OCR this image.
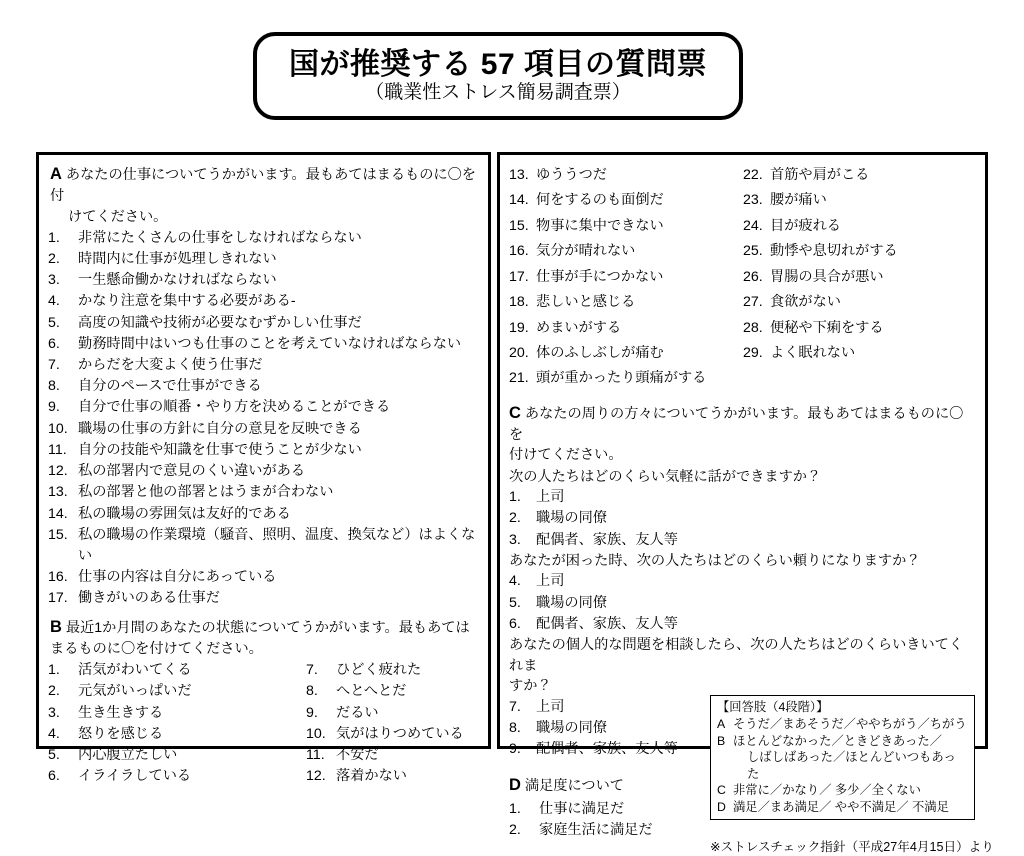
国が推奨する 57 項目の質問票
（職業性ストレス簡易調査票）
A あなたの仕事についてうかがいます。最もあてはまるものに〇を付
けてください。
1.	非常にたくさんの仕事をしなければならない
2.	時間内に仕事が処理しきれない
3.	一生懸命働かなければならない
4.	かなり注意を集中する必要がある-
5.	高度の知識や技術が必要なむずかしい仕事だ
6.	勤務時間中はいつも仕事のことを考えていなければならない
7.	からだを大変よく使う仕事だ
8.	自分のペースで仕事ができる
9.	自分で仕事の順番・やり方を決めることができる
10. 職場の仕事の方針に自分の意見を反映できる
11. 自分の技能や知識を仕事で使うことが少ない
12. 私の部署内で意見のくい違いがある
13. 私の部署と他の部署とはうまが合わない
14. 私の職場の雰囲気は友好的である
15. 私の職場の作業環境（騒音、照明、温度、換気など）はよくない
16. 仕事の内容は自分にあっている
17. 働きがいのある仕事だ
B 最近1か月間のあなたの状態についてうかがいます。最もあては
まるものに〇を付けてください。
1.	活気がわいてくる
2.	元気がいっぱいだ
3.	生き生きする
4.	怒りを感じる
5.	内心腹立たしい
6.	イライラしている
7.	ひどく疲れた
8.	へとへとだ
9.	だるい
10. 気がはりつめている
11. 不安だ
12. 落着かない
13. ゆううつだ
14. 何をするのも面倒だ
15. 物事に集中できない
16. 気分が晴れない
17. 仕事が手につかない
18. 悲しいと感じる
19. めまいがする
20. 体のふしぶしが痛む
21. 頭が重かったり頭痛がする
22. 首筋や肩がこる
23. 腰が痛い
24. 目が疲れる
25. 動悸や息切れがする
26. 胃腸の具合が悪い
27. 食欲がない
28. 便秘や下痢をする
29. よく眠れない
C あなたの周りの方々についてうかがいます。最もあてはまるものに〇を
付けてください。

次の人たちはどのくらい気軽に話ができますか？

1.	上司
2.	職場の同僚
3.	配偶者、家族、友人等

あなたが困った時、次の人たちはどのくらい頼りになりますか？

4.	上司
5.	職場の同僚
6.	配偶者、家族、友人等

あなたの個人的な問題を相談したら、次の人たちはどのくらいきいてくれま

すか？

7.	上司
8.	職場の同僚
9.	配偶者、家族、友人等
D 満足度について
1.	仕事に満足だ
2.	家庭生活に満足だ
【回答肢（4段階）】
A そうだ／まあそうだ／ややちがう／ちがう
B ほとんどなかった／ときどきあった／
しばしばあった／ほとんどいつもあった
C 非常に／かなり／ 多少／全くない
D 満足／まあ満足／ やや不満足／ 不満足
※ストレスチェック指針（平成27年4月15日）より
